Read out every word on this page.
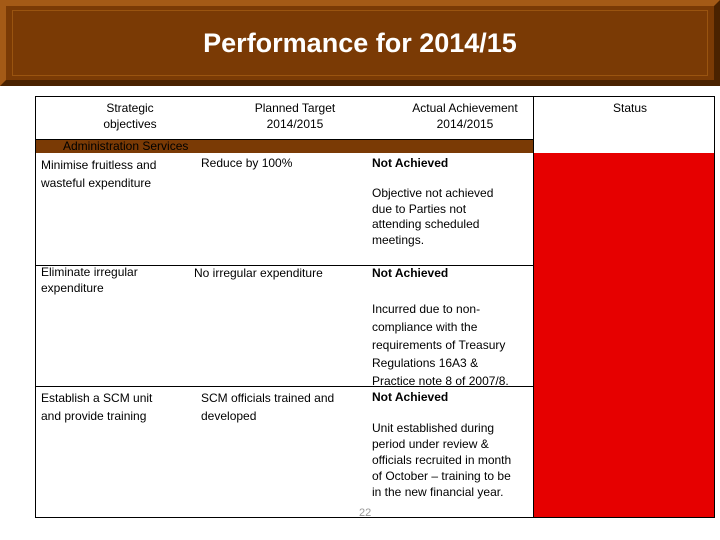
Performance for 2014/15
Strategic
objectives
Planned Target
2014/2015
Actual Achievement
2014/2015
Status
Administration Services
Minimise fruitless and
wasteful expenditure
Reduce by 100%	Not Achieved
Objective not achieved
due to Parties not
attending scheduled
meetings.
Eliminate irregular
expenditure
No irregular expenditure	Not Achieved
Incurred due to non-
compliance with the
requirements of Treasury
Regulations 16A3 &
Practice note 8 of 2007/8.
Establish a SCM unit
and provide training
SCM officials trained and
developed
Not Achieved
Unit established during
period under review &
officials recruited in month
of October – training to be
in the new financial year.
22
